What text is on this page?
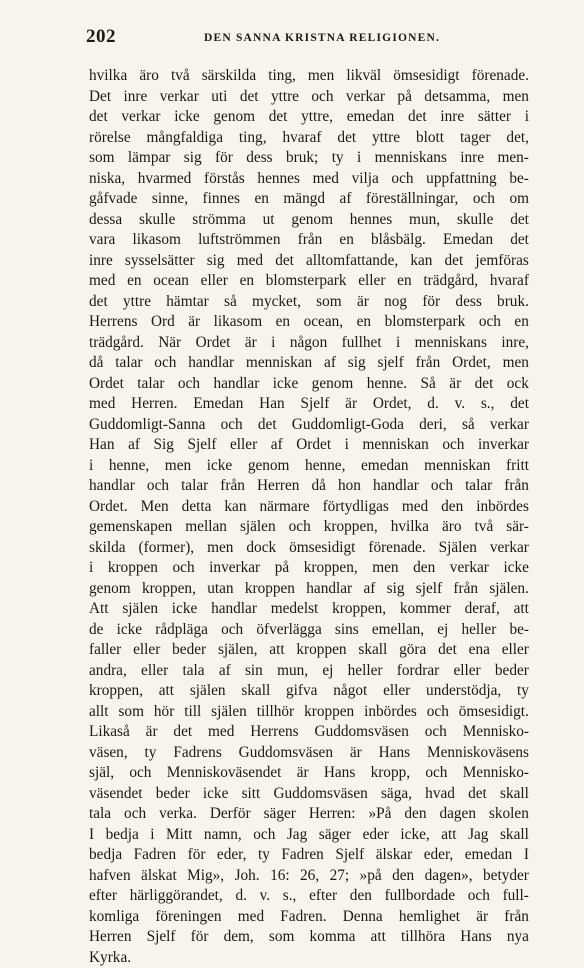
202	DEN SANNA KRISTNA RELIGIONEN.
hvilka äro två särskilda ting, men likväl ömsesidigt förenade.
Det inre verkar uti det yttre och verkar på detsamma, men
det verkar icke genom det yttre, emedan det inre sätter i
rörelse mångfaldiga ting, hvaraf det yttre blott tager det,
som lämpar sig för dess bruk; ty i menniskans inre men-
niska, hvarmed förstås hennes med vilja och uppfattning be-
gåfvade sinne, finnes en mängd af föreställningar, och om
dessa skulle strömma ut genom hennes mun, skulle det
vara likasom luftströmmen från en blåsbälg. Emedan det
inre sysselsätter sig med det alltomfattande, kan det jemföras
med en ocean eller en blomsterpark eller en trädgård, hvaraf
det yttre hämtar så mycket, som är nog för dess bruk.
Herrens Ord är likasom en ocean, en blomsterpark och en
trädgård. När Ordet är i någon fullhet i menniskans inre,
då talar och handlar menniskan af sig sjelf från Ordet, men
Ordet talar och handlar icke genom henne. Så är det ock
med Herren. Emedan Han Sjelf är Ordet, d. v. s., det
Guddomligt-Sanna och det Guddomligt-Goda deri, så verkar
Han af Sig Sjelf eller af Ordet i menniskan och inverkar
i henne, men icke genom henne, emedan menniskan fritt
handlar och talar från Herren då hon handlar och talar från
Ordet. Men detta kan närmare förtydligas med den inbördes
gemenskapen mellan själen och kroppen, hvilka äro två sär-
skilda (former), men dock ömsesidigt förenade. Själen verkar
i kroppen och inverkar på kroppen, men den verkar icke
genom kroppen, utan kroppen handlar af sig sjelf från själen.
Att själen icke handlar medelst kroppen, kommer deraf, att
de icke rådpläga och öfverlägga sins emellan, ej heller be-
faller eller beder själen, att kroppen skall göra det ena eller
andra, eller tala af sin mun, ej heller fordrar eller beder
kroppen, att själen skall gifva något eller understödja, ty
allt som hör till själen tillhör kroppen inbördes och ömsesidigt.
Likaså är det med Herrens Guddomsväsen och Mennisko-
väsen, ty Fadrens Guddomsväsen är Hans Menniskoväsens
själ, och Menniskoväsendet är Hans kropp, och Mennisko-
väsendet beder icke sitt Guddomsväsen säga, hvad det skall
tala och verka. Derför säger Herren: »På den dagen skolen
I bedja i Mitt namn, och Jag säger eder icke, att Jag skall
bedja Fadren för eder, ty Fadren Sjelf älskar eder, emedan I
hafven älskat Mig», Joh. 16: 26, 27; »på den dagen», betyder
efter härliggörandet, d. v. s., efter den fullbordade och full-
komliga föreningen med Fadren. Denna hemlighet är från
Herren Sjelf för dem, som komma att tillhöra Hans nya
Kyrka.
